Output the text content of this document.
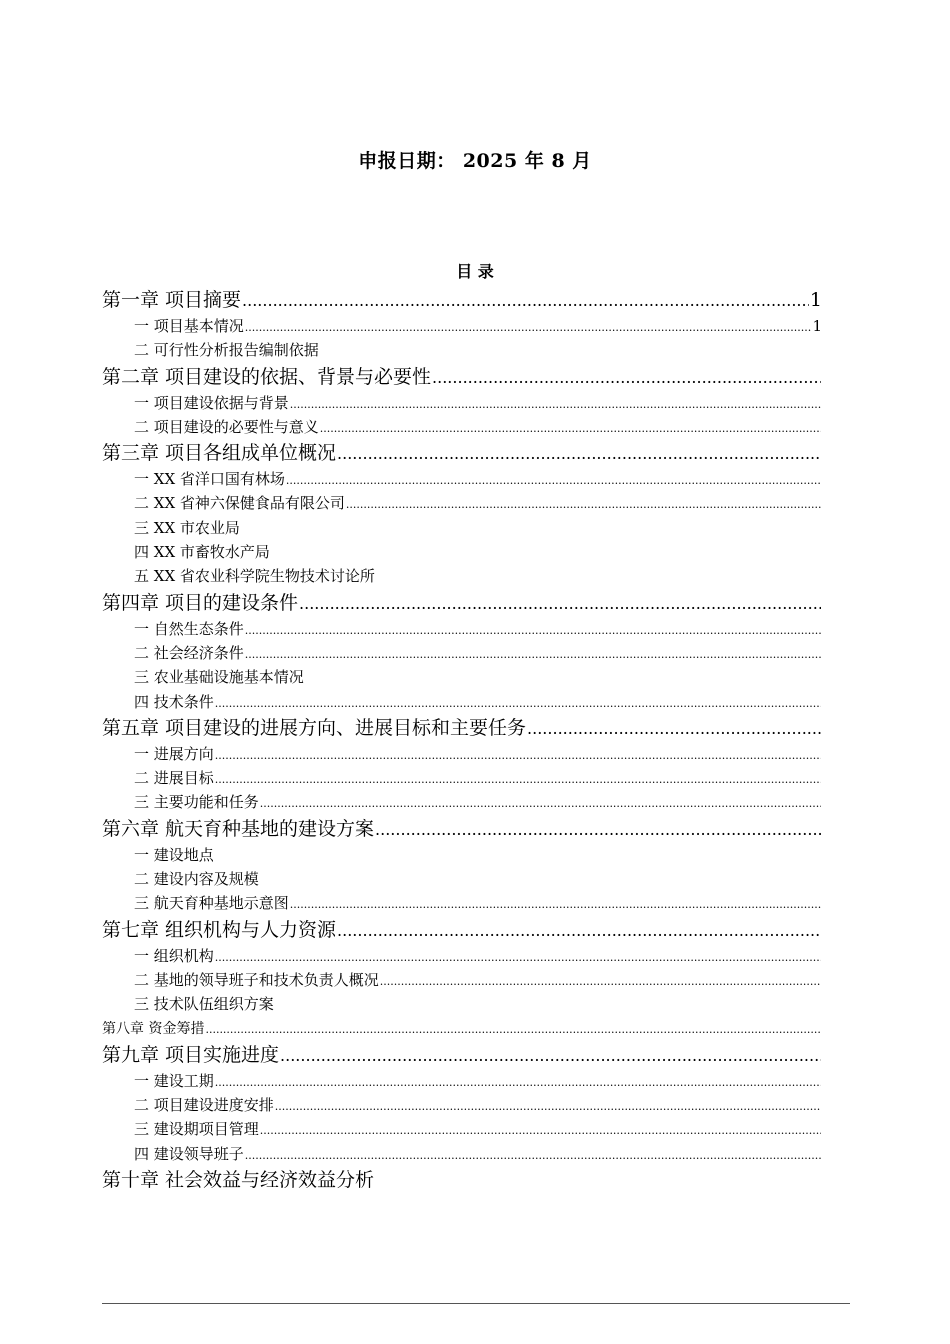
申报日期： 2025 年 8 月
目 录
第一章 项目摘要 .....	1
一 项目基本情况 .....	1
二 可行性分析报告编制依据
第二章 项目建设的依据、背景与必要性
.....
一 项目建设依据与背景
.....
二 项目建设的必要性与意义
.....
第三章 项目各组成单位概况
.....
一 XX 省洋口国有林场
.....
二 XX 省神六保健食品有限公司
.....
三 XX 市农业局
四 XX 市畜牧水产局
五 XX 省农业科学院生物技术讨论所
第四章 项目的建设条件
.....
一 自然生态条件
.....
二 社会经济条件
.....
三 农业基础设施基本情况
四 技术条件
.....
第五章 项目建设的进展方向、进展目标和主要任务
.....
一 进展方向
.....
二 进展目标
.....
三 主要功能和任务
.....
第六章 航天育种基地的建设方案
.....
一 建设地点
二 建设内容及规模
三 航天育种基地示意图
.....
第七章 组织机构与人力资源
.....
一 组织机构
.....
二 基地的领导班子和技术负责人概况
.....
三 技术队伍组织方案
第八章 资金筹措
.....
第九章 项目实施进度
.....
一 建设工期
.....
二 项目建设进度安排
.....
三 建设期项目管理
.....
四 建设领导班子
.....
第十章 社会效益与经济效益分析
